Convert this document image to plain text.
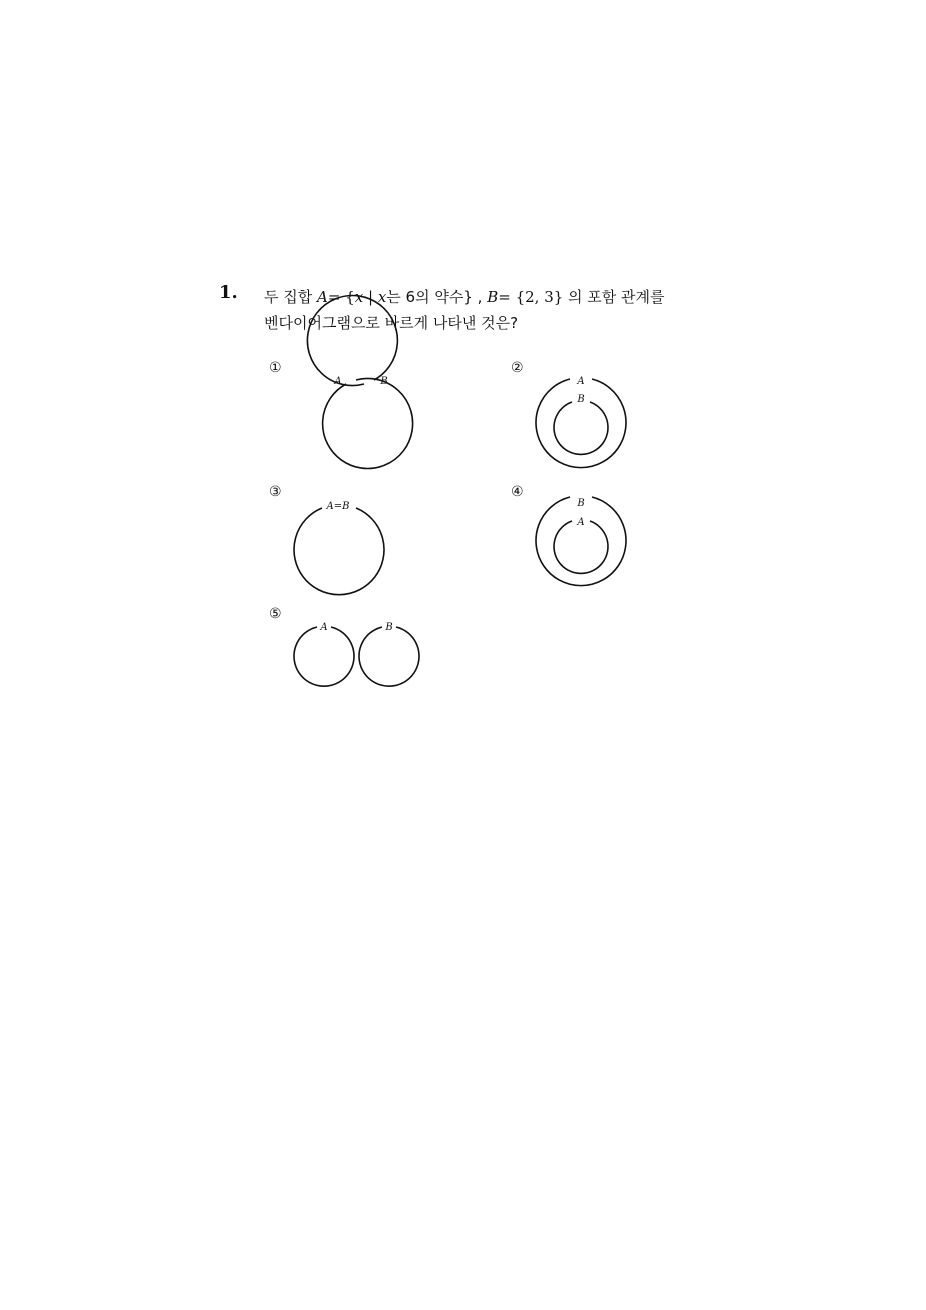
1. 두 집합 A= {x | x는 6의 약수} , B= {2, 3} 의 포함 관계를
벤다이어그램으로 바르게 나타낸 것은?
①	②
③	④
⑤
A	B	A
B
A=B	B
A
A	B
